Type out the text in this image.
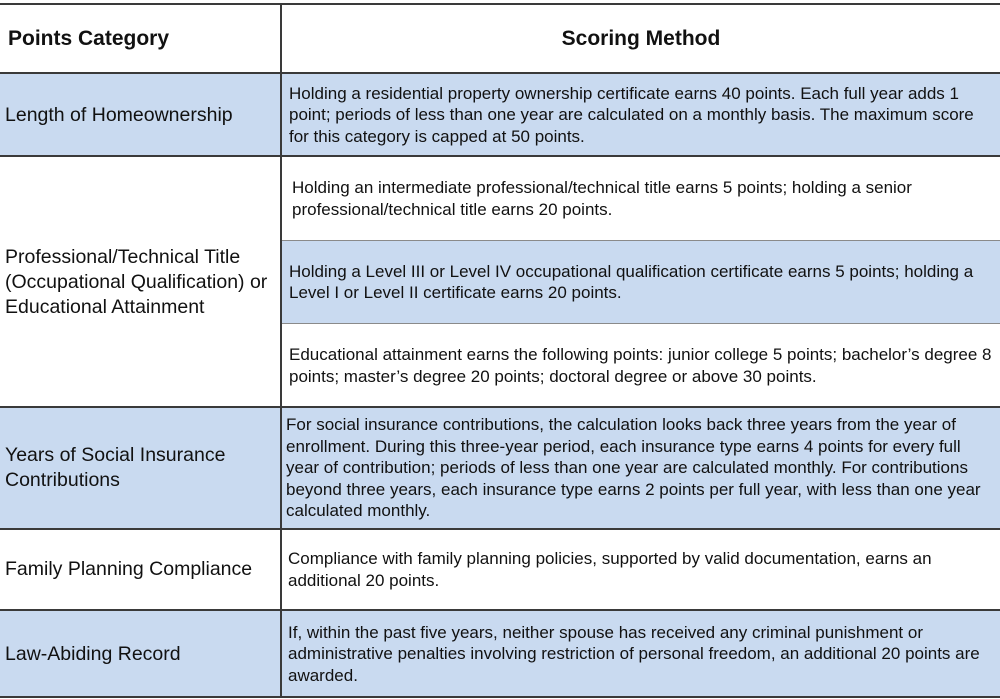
Points Category	Scoring Method
Length of Homeownership
Holding a residential property ownership certificate earns 40 points. Each full year adds 1 point; periods of less than one year are calculated on a monthly basis. The maximum score for this category is capped at 50 points.
Professional/Technical Title (Occupational Qualification) or Educational Attainment
Holding an intermediate professional/technical title earns 5 points; holding a senior professional/technical title earns 20 points.
Holding a Level III or Level IV occupational qualification certificate earns 5 points; holding a Level I or Level II certificate earns 20 points.
Educational attainment earns the following points: junior college 5 points; bachelor’s degree 8 points; master’s degree 20 points; doctoral degree or above 30 points.
Years of Social Insurance Contributions
For social insurance contributions, the calculation looks back three years from the year of enrollment. During this three-year period, each insurance type earns 4 points for every full year of contribution; periods of less than one year are calculated monthly. For contributions beyond three years, each insurance type earns 2 points per full year, with less than one year calculated monthly.
Family Planning Compliance Compliance with family planning policies, supported by valid documentation, earns an additional 20 points.
Law-Abiding Record
If, within the past five years, neither spouse has received any criminal punishment or administrative penalties involving restriction of personal freedom, an additional 20 points are awarded.
